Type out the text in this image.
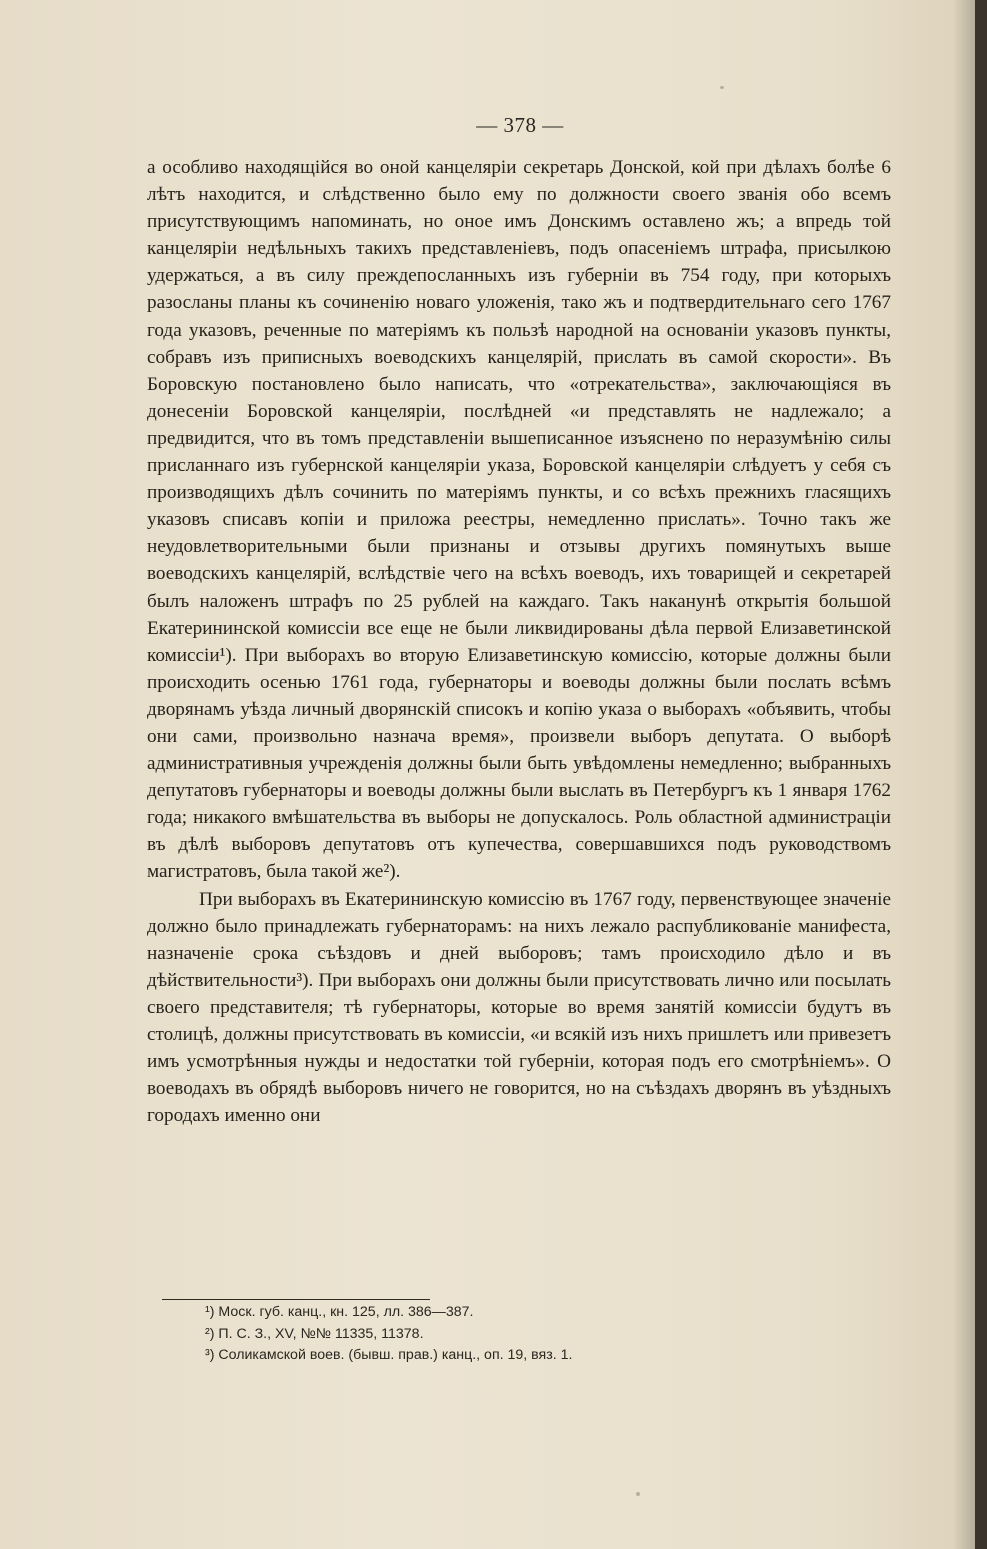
— 378 —

а особливо находящійся во оной канцеляріи секретарь Донской, кой при дѣлахъ болѣе 6 лѣтъ находится, и слѣдственно было ему по должности своего званія обо всемъ присутствующимъ напоминать, но оное имъ Донскимъ оставлено жъ; а впредь той канцеляріи недѣльныхъ такихъ представленіевъ, подъ опасеніемъ штрафа, присылкою удержаться, а въ силу преждепосланныхъ изъ губерніи въ 754 году, при которыхъ разосланы планы къ сочиненію новаго уложенія, тако жъ и подтвердительнаго сего 1767 года указовъ, реченные по матеріямъ къ пользѣ народной на основаніи указовъ пункты, собравъ изъ приписныхъ воеводскихъ канцелярій, прислать въ самой скорости». Въ Боровскую постановлено было написать, что «отрекательства», заключающіяся въ донесеніи Боровской канцеляріи, послѣдней «и представлять не надлежало; а предвидится, что въ томъ представленіи вышеписанное изъяснено по неразумѣнію силы присланнаго изъ губернской канцеляріи указа, Боровской канцеляріи слѣдуетъ у себя съ производящихъ дѣлъ сочинить по матеріямъ пункты, и со всѣхъ прежнихъ гласящихъ указовъ списавъ копіи и приложа реестры, немедленно прислать». Точно такъ же неудовлетворительными были признаны и отзывы другихъ помянутыхъ выше воеводскихъ канцелярій, вслѣдствіе чего на всѣхъ воеводъ, ихъ товарищей и секретарей былъ наложенъ штрафъ по 25 рублей на каждаго. Такъ наканунѣ открытія большой Екатерининской комиссіи все еще не были ликвидированы дѣла первой Елизаветинской комиссіи¹). При выборахъ во вторую Елизаветинскую комиссію, которые должны были происходить осенью 1761 года, губернаторы и воеводы должны были послать всѣмъ дворянамъ уѣзда личный дворянскій списокъ и копію указа о выборахъ «объявить, чтобы они сами, произвольно назнача время», произвели выборъ депутата. О выборѣ административныя учрежденія должны были быть увѣдомлены немедленно; выбранныхъ депутатовъ губернаторы и воеводы должны были выслать въ Петербургъ къ 1 января 1762 года; никакого вмѣшательства въ выборы не допускалось. Роль областной администраціи въ дѣлѣ выборовъ депутатовъ отъ купечества, совершавшихся подъ руководствомъ магистратовъ, была такой же²).

При выборахъ въ Екатерининскую комиссію въ 1767 году, первенствующее значеніе должно было принадлежать губернаторамъ: на нихъ лежало распубликованіе манифеста, назначеніе срока съѣздовъ и дней выборовъ; тамъ происходило дѣло и въ дѣйствительности³). При выборахъ они должны были присутствовать лично или посылать своего представителя; тѣ губернаторы, которые во время занятій комиссіи будутъ въ столицѣ, должны присутствовать въ комиссіи, «и всякій изъ нихъ пришлетъ или привезетъ имъ усмотрѣнныя нужды и недостатки той губерніи, которая подъ его смотрѣніемъ». О воеводахъ въ обрядѣ выборовъ ничего не говорится, но на съѣздахъ дворянъ въ уѣздныхъ городахъ именно они

¹) Моск. губ. канц., кн. 125, лл. 386—387.
²) П. С. З., XV, №№ 11335, 11378.
³) Соликамской воев. (бывш. прав.) канц., оп. 19, вяз. 1.
